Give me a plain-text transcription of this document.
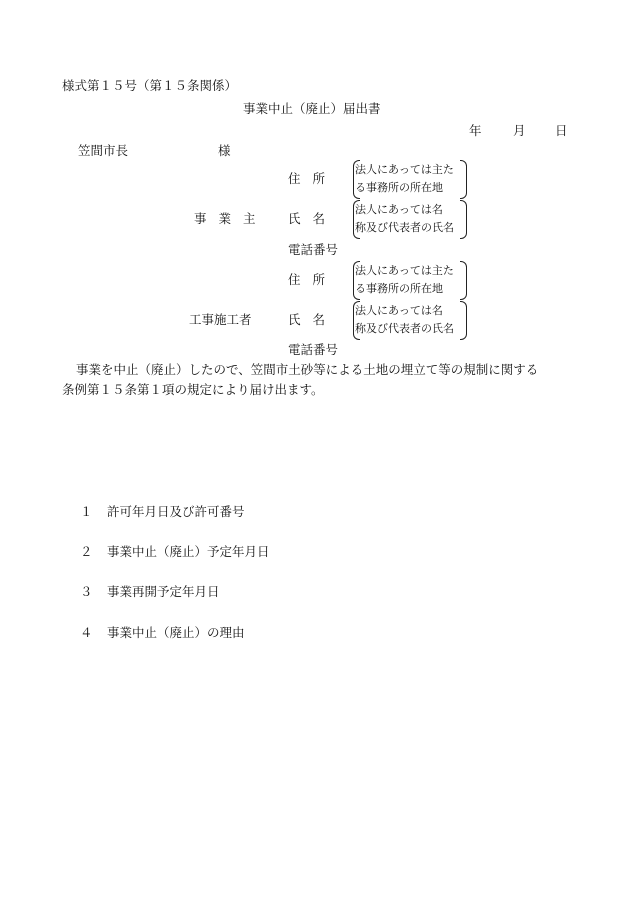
様式第１５号（第１５条関係）
事業中止（廃止）届出書
年	月 日
笠間市長	様
住所
法人にあっては主た
る事務所の所在地
事業主 氏名
法人にあっては名
称及び代表者の氏名
電話番号
住所
法人にあっては主た
る事務所の所在地
工事施工者	氏名
法人にあっては名
称及び代表者の氏名
電話番号
事業を中止（廃止）したので、笠間市土砂等による土地の埋立て等の規制に関する
条例第１５条第１項の規定により届け出ます。
１ 許可年月日及び許可番号
２ 事業中止（廃止）予定年月日
３ 事業再開予定年月日
４ 事業中止（廃止）の理由
